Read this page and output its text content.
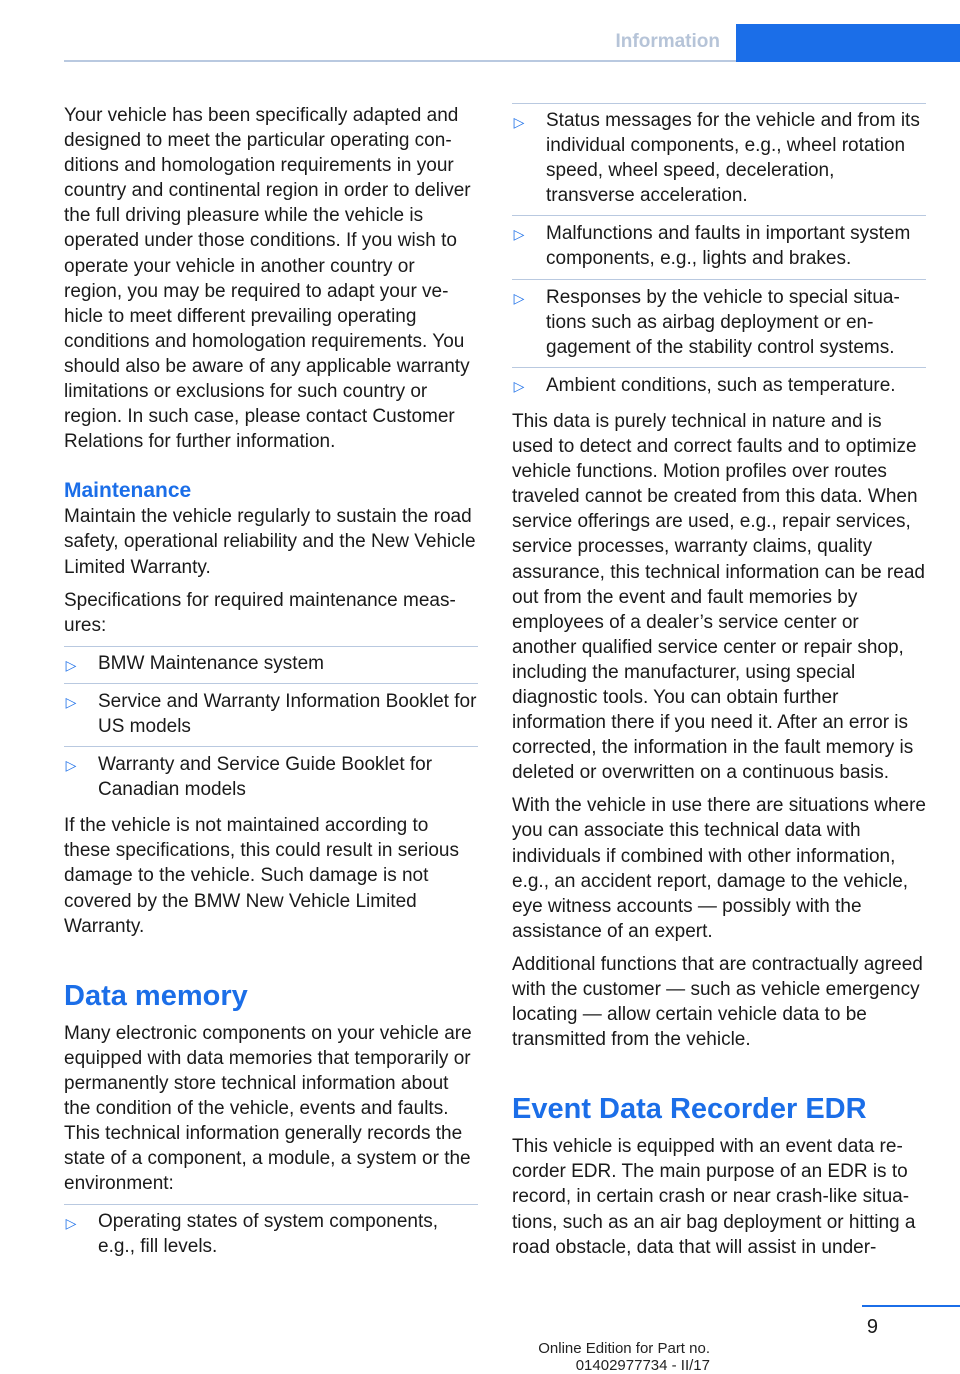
Information

Your vehicle has been specifically adapted and designed to meet the particular operating conditions and homologation requirements in your country and continental region in order to deliver the full driving pleasure while the vehicle is operated under those conditions. If you wish to operate your vehicle in another country or region, you may be required to adapt your vehicle to meet different prevailing operating conditions and homologation requirements. You should also be aware of any applicable warranty limitations or exclusions for such country or region. In such case, please contact Customer Relations for further information.

Maintenance

Maintain the vehicle regularly to sustain the road safety, operational reliability and the New Vehicle Limited Warranty.

Specifications for required maintenance measures:

▷ BMW Maintenance system
▷ Service and Warranty Information Booklet for US models
▷ Warranty and Service Guide Booklet for Canadian models

If the vehicle is not maintained according to these specifications, this could result in serious damage to the vehicle. Such damage is not covered by the BMW New Vehicle Limited Warranty.

Data memory

Many electronic components on your vehicle are equipped with data memories that temporarily or permanently store technical information about the condition of the vehicle, events and faults. This technical information generally records the state of a component, a module, a system or the environment:

▷ Operating states of system components, e.g., fill levels.
▷ Status messages for the vehicle and from its individual components, e.g., wheel rotation speed, wheel speed, deceleration, transverse acceleration.
▷ Malfunctions and faults in important system components, e.g., lights and brakes.
▷ Responses by the vehicle to special situations such as airbag deployment or engagement of the stability control systems.
▷ Ambient conditions, such as temperature.

This data is purely technical in nature and is used to detect and correct faults and to optimize vehicle functions. Motion profiles over routes traveled cannot be created from this data. When service offerings are used, e.g., repair services, service processes, warranty claims, quality assurance, this technical information can be read out from the event and fault memories by employees of a dealer’s service center or another qualified service center or repair shop, including the manufacturer, using special diagnostic tools. You can obtain further information there if you need it. After an error is corrected, the information in the fault memory is deleted or overwritten on a continuous basis.

With the vehicle in use there are situations where you can associate this technical data with individuals if combined with other information, e.g., an accident report, damage to the vehicle, eye witness accounts — possibly with the assistance of an expert.

Additional functions that are contractually agreed with the customer — such as vehicle emergency locating — allow certain vehicle data to be transmitted from the vehicle.

Event Data Recorder EDR

This vehicle is equipped with an event data recorder EDR. The main purpose of an EDR is to record, in certain crash or near crash-like situations, such as an air bag deployment or hitting a road obstacle, data that will assist in under-

9
Online Edition for Part no. 01402977734 - II/17
